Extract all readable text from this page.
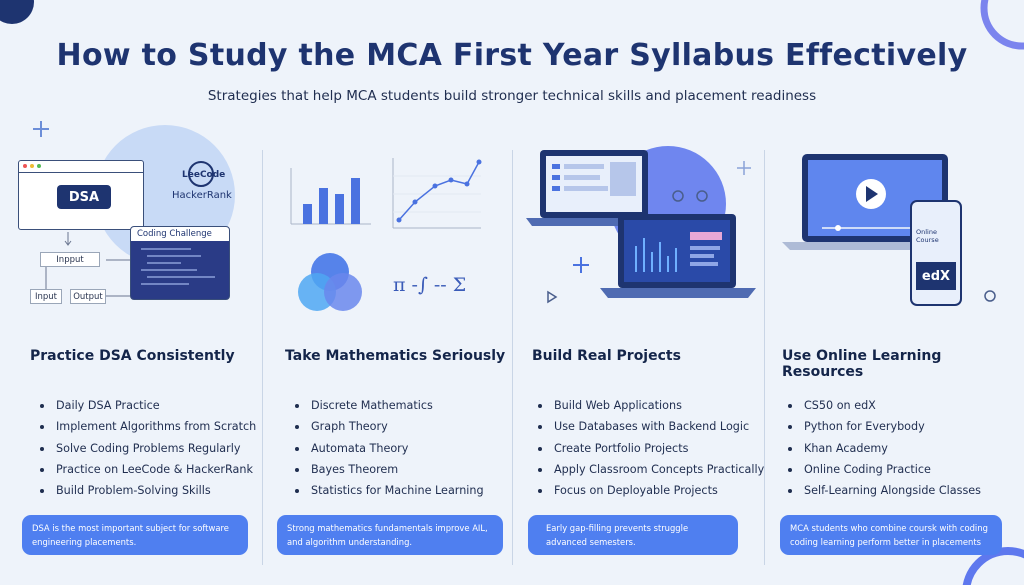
How to Study the MCA First Year Syllabus Effectively
Strategies that help MCA students build stronger technical skills and placement readiness
DSA
LeeCode
HackerRank
Coding Challenge
Inpput
Input	Output
Practice DSA Consistently
Daily DSA Practice
Implement Algorithms from Scratch
Solve Coding Problems Regularly
Practice on LeeCode & HackerRank
Build Problem-Solving Skills
DSA is the most important subject for software engineering placements.
π -∫ -- Σ
Take Mathematics Seriously
Discrete Mathematics
Graph Theory
Automata Theory
Bayes Theorem
Statistics for Machine Learning
Strong mathematics fundamentals improve AIL, and algorithm understanding.
Build Real Projects
Build Web Applications
Use Databases with Backend Logic
Create Portfolio Projects
Apply Classroom Concepts Practically
Focus on Deployable Projects
Early gap-filling prevents struggle advanced semesters.
Online Course
edX
Use Online Learning Resources
CS50 on edX
Python for Everybody
Khan Academy
Online Coding Practice
Self-Learning Alongside Classes
MCA students who combine coursk with coding coding learning perform better in placements
